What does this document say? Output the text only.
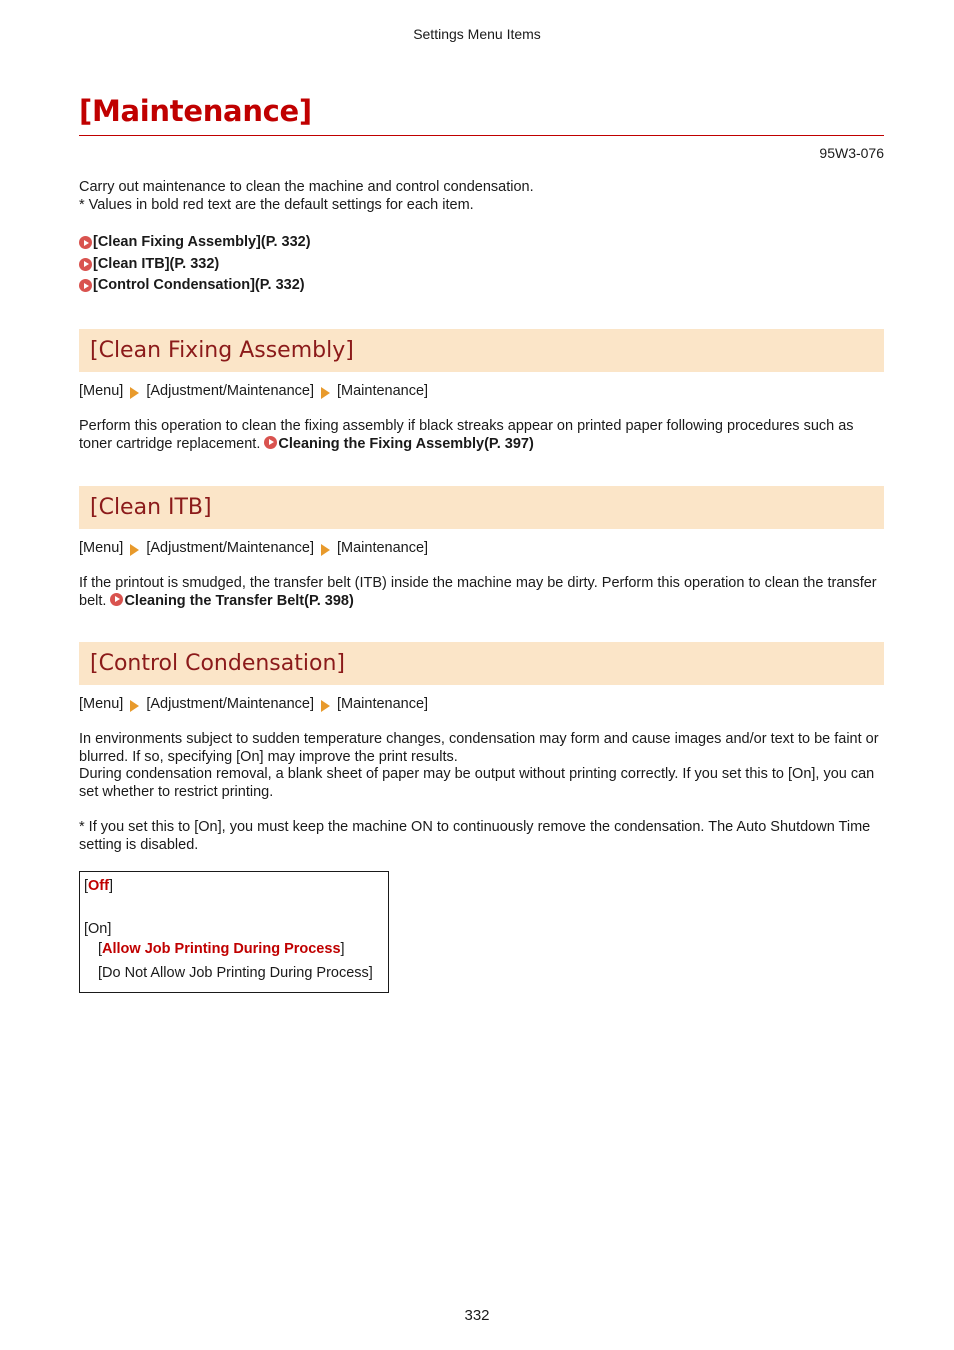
Settings Menu Items
[Maintenance]
95W3-076

Carry out maintenance to clean the machine and control condensation.
* Values in bold red text are the default settings for each item.

[Clean Fixing Assembly](P. 332)
[Clean ITB](P. 332)
[Control Condensation](P. 332)
[Clean Fixing Assembly]
[Menu] [Adjustment/Maintenance] [Maintenance]

Perform this operation to clean the fixing assembly if black streaks appear on printed paper following procedures such as toner cartridge replacement. Cleaning the Fixing Assembly(P. 397)

[Clean ITB]
[Menu] [Adjustment/Maintenance] [Maintenance]

If the printout is smudged, the transfer belt (ITB) inside the machine may be dirty. Perform this operation to clean the transfer belt. Cleaning the Transfer Belt(P. 398)

[Control Condensation]
[Menu] [Adjustment/Maintenance] [Maintenance]

In environments subject to sudden temperature changes, condensation may form and cause images and/or text to be faint or blurred. If so, specifying [On] may improve the print results.
During condensation removal, a blank sheet of paper may be output without printing correctly. If you set this to [On], you can set whether to restrict printing.

* If you set this to [On], you must keep the machine ON to continuously remove the condensation. The Auto Shutdown Time setting is disabled.

[Off]
[On]
[Allow Job Printing During Process]
[Do Not Allow Job Printing During Process]
332
